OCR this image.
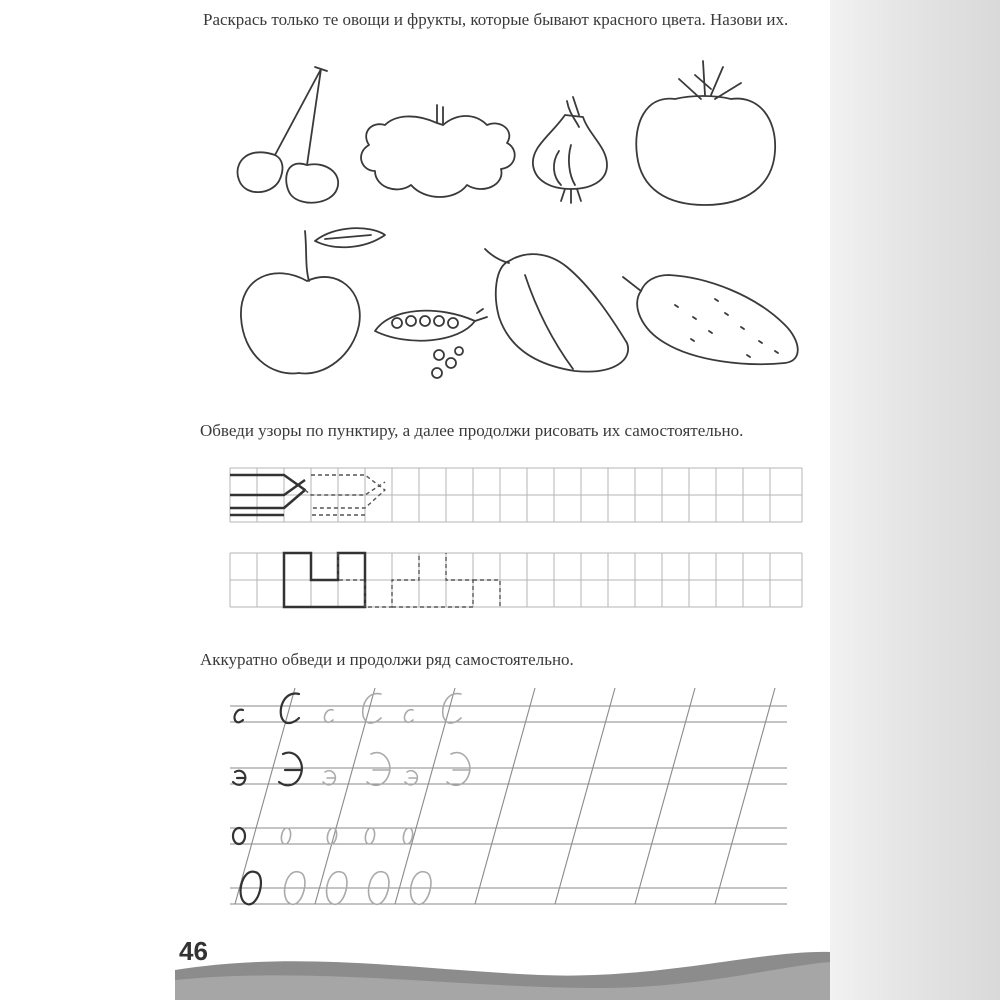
Раскрась только те овощи и фрукты, которые бывают красного цвета. Назови их.

Обведи узоры по пунктиру, а далее продолжи рисовать их самостоятельно.

Аккуратно обведи и продолжи ряд самостоятельно.

46
